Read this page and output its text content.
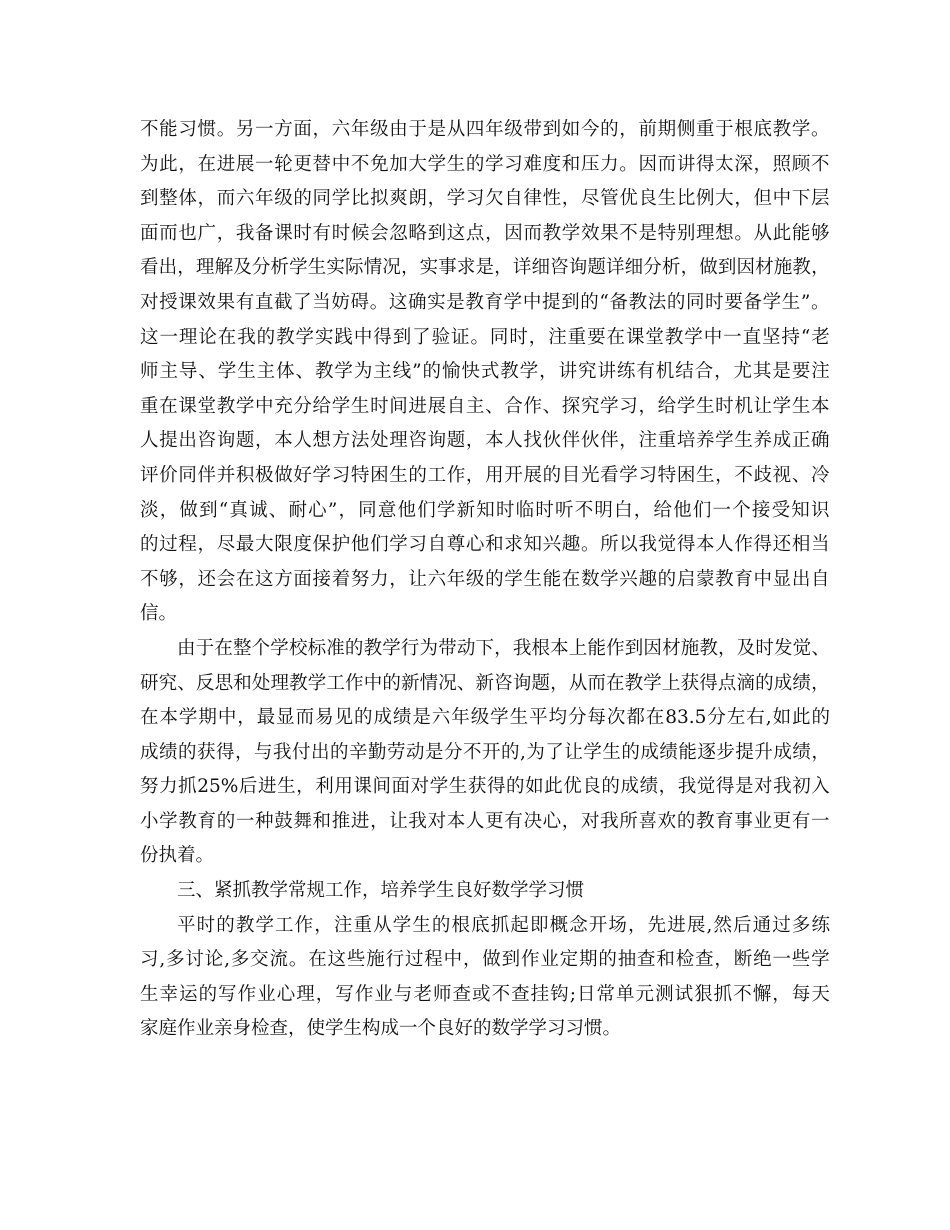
不 能 习 惯 。 另 一 方 面 ， 六 年 级 由 于 是 从 四 年 级 带 到 如 今 的 ， 前 期 侧 重 于 根 底 教 学 。
为 此 ， 在 进 展 一 轮 更 替 中 不 免 加 大 学 生 的 学 习 难 度 和 压 力 。 因 而 讲 得 太 深 ， 照 顾 不
到 整 体 ， 而 六 年 级 的 同 学 比 拟 爽 朗 ， 学 习 欠 自 律 性 ， 尽 管 优 良 生 比 例 大 ， 但 中 下 层
面 而 也 广 ， 我 备 课 时 有 时 候 会 忽 略 到 这 点 ， 因 而 教 学 效 果 不 是 特 别 理 想 。 从 此 能 够
看 出 ， 理 解 及 分 析 学 生 实 际 情 况 ， 实 事 求 是 ， 详 细 咨 询 题 详 细 分 析 ， 做 到 因 材 施 教 ，
对 授 课 效 果 有 直 截 了 当 妨 碍 。 这 确 实 是 教 育 学 中 提 到 的 “ 备 教 法 的 同 时 要 备 学 生 ” 。
这 一 理 论 在 我 的 教 学 实 践 中 得 到 了 验 证 。 同 时 ， 注 重 要 在 课 堂 教 学 中 一 直 坚 持 “ 老
师 主 导 、 学 生 主 体 、 教 学 为 主 线 ” 的 愉 快 式 教 学 ， 讲 究 讲 练 有 机 结 合 ， 尤 其 是 要 注
重 在 课 堂 教 学 中 充 分 给 学 生 时 间 进 展 自 主 、 合 作 、 探 究 学 习 ， 给 学 生 时 机 让 学 生 本
人 提 出 咨 询 题 ， 本 人 想 方 法 处 理 咨 询 题 ， 本 人 找 伙 伴 伙 伴 ， 注 重 培 养 学 生 养 成 正 确
评 价 同 伴 并 积 极 做 好 学 习 特 困 生 的 工 作 ， 用 开 展 的 目 光 看 学 习 特 困 生 ， 不 歧 视 、 冷
淡 ， 做 到 “ 真 诚 、 耐 心 ” ， 同 意 他 们 学 新 知 时 临 时 听 不 明 白 ， 给 他 们 一 个 接 受 知 识
的 过 程 ， 尽 最 大 限 度 保 护 他 们 学 习 自 尊 心 和 求 知 兴 趣 。 所 以 我 觉 得 本 人 作 得 还 相 当
不 够 ， 还 会 在 这 方 面 接 着 努 力 ， 让 六 年 级 的 学 生 能 在 数 学 兴 趣 的 启 蒙 教 育 中 显 出 自
信。
由 于 在 整 个 学 校 标 准 的 教 学 行 为 带 动 下 ， 我 根 本 上 能 作 到 因 材 施 教 ， 及 时 发 觉 、
研 究 、 反 思 和 处 理 教 学 工 作 中 的 新 情 况 、 新 咨 询 题 ， 从 而 在 教 学 上 获 得 点 滴 的 成 绩 ，
在 本 学 期 中 ， 最 显 而 易 见 的 成 绩 是 六 年 级 学 生 平 均 分 每 次 都 在 83.5 分 左 右 , 如 此 的
成 绩 的 获 得 ， 与 我 付 出 的 辛 勤 劳 动 是 分 不 开 的 , 为 了 让 学 生 的 成 绩 能 逐 步 提 升 成 绩 ，
努 力 抓 25% 后 进 生 ， 利 用 课 间 面 对 学 生 获 得 的 如 此 优 良 的 成 绩 ， 我 觉 得 是 对 我 初 入
小 学 教 育 的 一 种 鼓 舞 和 推 进 ， 让 我 对 本 人 更 有 决 心 ， 对 我 所 喜 欢 的 教 育 事 业 更 有 一
份执着。
三、紧抓教学常规工作，培养学生良好数学学习惯
平 时 的 教 学 工 作 ， 注 重 从 学 生 的 根 底 抓 起 即 概 念 开 场 ， 先 进 展 , 然 后 通 过 多 练
习 , 多 讨 论 , 多 交 流 。 在 这 些 施 行 过 程 中 ， 做 到 作 业 定 期 的 抽 查 和 检 查 ， 断 绝 一 些 学
生 幸 运 的 写 作 业 心 理 ， 写 作 业 与 老 师 查 或 不 查 挂 钩 ; 日 常 单 元 测 试 狠 抓 不 懈 ， 每 天
家庭作业亲身检查，使学生构成一个良好的数学学习习惯。
